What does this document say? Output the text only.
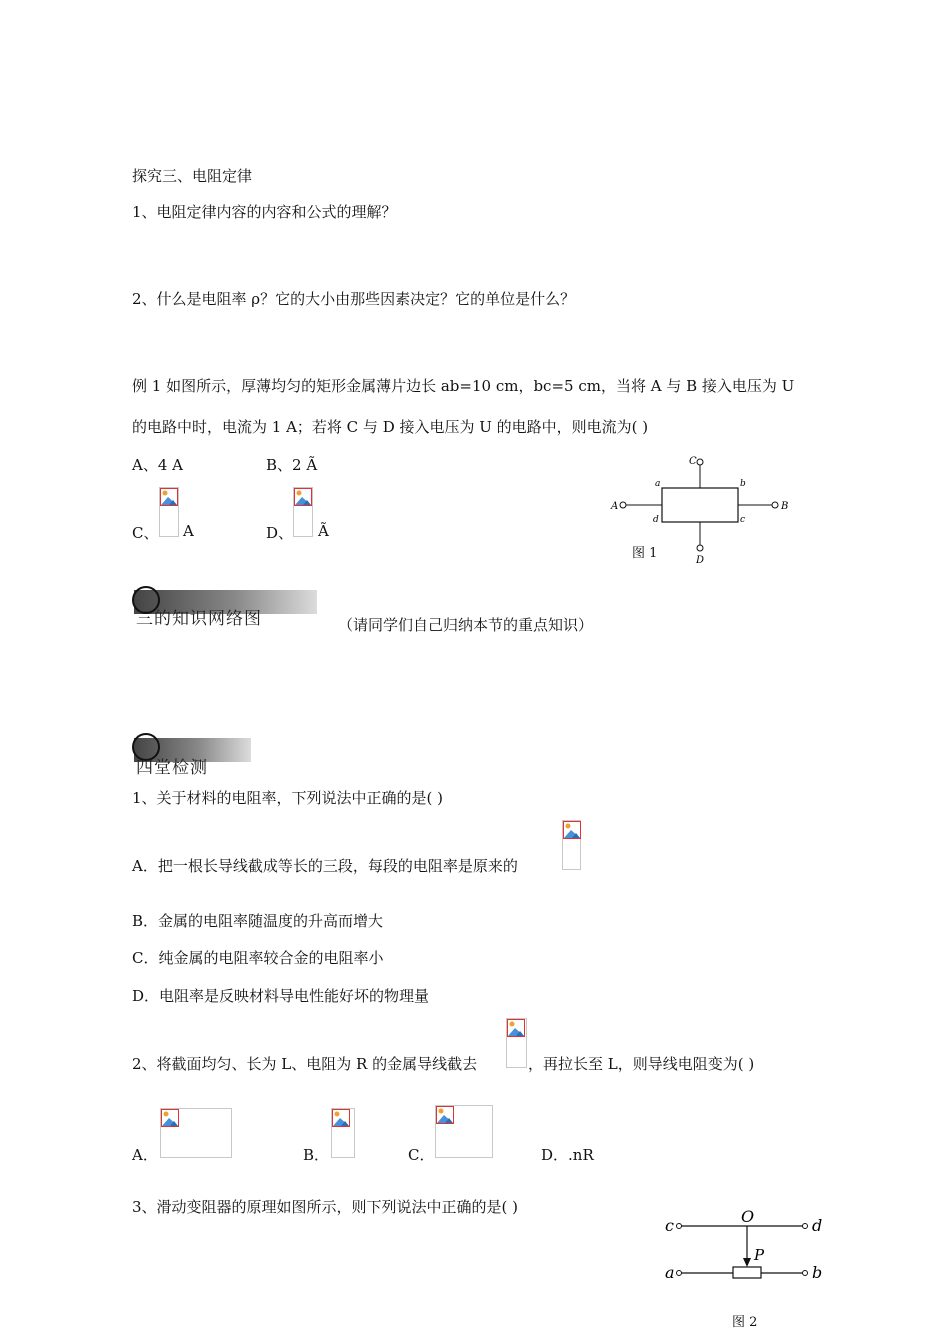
探究三、电阻定律
1、电阻定律内容的内容和公式的理解？
2、什么是电阻率 ρ？它的大小由那些因素决定？它的单位是什么？
例 1 如图所示，厚薄均匀的矩形金属薄片边长 ab=10 cm，bc=5 cm，当将 A 与 B 接入电压为 U
的电路中时，电流为 1 A；若将 C 与 D 接入电压为 U 的电路中，则电流为( )
A、4 A	B、2 Ã
C、 A	D、 Ã
A	B
C
D
a	b
c
d
图 1
三的知识网络图	（请同学们自己归纳本节的重点知识）
四堂检测
1、关于材料的电阻率，下列说法中正确的是( )
A．把一根长导线截成等长的三段，每段的电阻率是原来的
B．金属的电阻率随温度的升高而增大
C．纯金属的电阻率较合金的电阻率小
D．电阻率是反映材料导电性能好坏的物理量
2、将截面均匀、长为 L、电阻为 R 的金属导线截去	，再拉长至 L，则导线电阻变为( )
A．	B．	C．	D．.nR
3、滑动变阻器的原理如图所示，则下列说法中正确的是( )
c	d
a	b
O
P
图 2
